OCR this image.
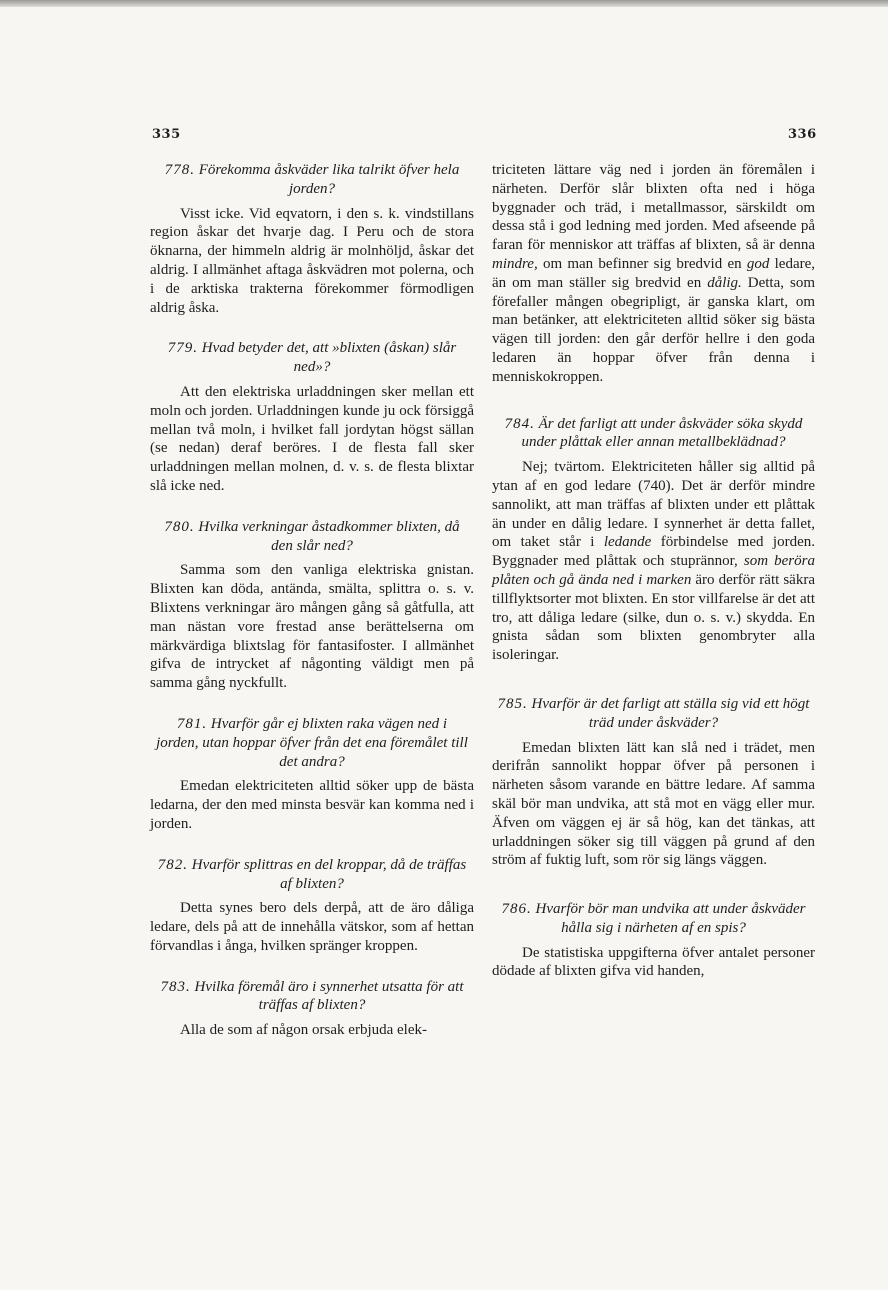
335	336

778. Förekomma åskväder lika talrikt öfver hela jorden?

Visst icke. Vid eqvatorn, i den s. k. vindstillans region åskar det hvarje dag. I Peru och de stora öknarna, der himmeln aldrig är molnhöljd, åskar det aldrig. I allmänhet aftaga åskvädren mot polerna, och i de arktiska trakterna förekommer förmodligen aldrig åska.

779. Hvad betyder det, att »blixten (åskan) slår ned»?

Att den elektriska urladdningen sker mellan ett moln och jorden. Urladdningen kunde ju ock försiggå mellan två moln, i hvilket fall jordytan högst sällan (se nedan) deraf beröres. I de flesta fall sker urladdningen mellan molnen, d. v. s. de flesta blixtar slå icke ned.

780. Hvilka verkningar åstadkommer blixten, då den slår ned?

Samma som den vanliga elektriska gnistan. Blixten kan döda, antända, smälta, splittra o. s. v. Blixtens verkningar äro mången gång så gåtfulla, att man nästan vore frestad anse berättelserna om märkvärdiga blixtslag för fantasifoster. I allmänhet gifva de intrycket af någonting väldigt men på samma gång nyckfullt.

781. Hvarför går ej blixten raka vägen ned i jorden, utan hoppar öfver från det ena föremålet till det andra?

Emedan elektriciteten alltid söker upp de bästa ledarna, der den med minsta besvär kan komma ned i jorden.

782. Hvarför splittras en del kroppar, då de träffas af blixten?

Detta synes bero dels derpå, att de äro dåliga ledare, dels på att de innehålla vätskor, som af hettan förvandlas i ånga, hvilken spränger kroppen.

783. Hvilka föremål äro i synnerhet utsatta för att träffas af blixten?

Alla de som af någon orsak erbjuda elek-

triciteten lättare väg ned i jorden än föremålen i närheten. Derför slår blixten ofta ned i höga byggnader och träd, i metallmassor, särskildt om dessa stå i god ledning med jorden. Med afseende på faran för menniskor att träffas af blixten, så är denna mindre, om man befinner sig bredvid en god ledare, än om man ställer sig bredvid en dålig. Detta, som förefaller mången obegripligt, är ganska klart, om man betänker, att elektriciteten alltid söker sig bästa vägen till jorden: den går derför hellre i den goda ledaren än hoppar öfver från denna i menniskokroppen.

784. Är det farligt att under åskväder söka skydd under plåttak eller annan metallbeklädnad?

Nej; tvärtom. Elektriciteten håller sig alltid på ytan af en god ledare (740). Det är derför mindre sannolikt, att man träffas af blixten under ett plåttak än under en dålig ledare. I synnerhet är detta fallet, om taket står i ledande förbindelse med jorden. Byggnader med plåttak och stuprännor, som beröra plåten och gå ända ned i marken äro derför rätt säkra tillflyktsorter mot blixten. En stor villfarelse är det att tro, att dåliga ledare (silke, dun o. s. v.) skydda. En gnista sådan som blixten genombryter alla isoleringar.

785. Hvarför är det farligt att ställa sig vid ett högt träd under åskväder?

Emedan blixten lätt kan slå ned i trädet, men derifrån sannolikt hoppar öfver på personen i närheten såsom varande en bättre ledare. Af samma skäl bör man undvika, att stå mot en vägg eller mur. Äfven om väggen ej är så hög, kan det tänkas, att urladdningen söker sig till väggen på grund af den ström af fuktig luft, som rör sig längs väggen.

786. Hvarför bör man undvika att under åskväder hålla sig i närheten af en spis?

De statistiska uppgifterna öfver antalet personer dödade af blixten gifva vid handen,
